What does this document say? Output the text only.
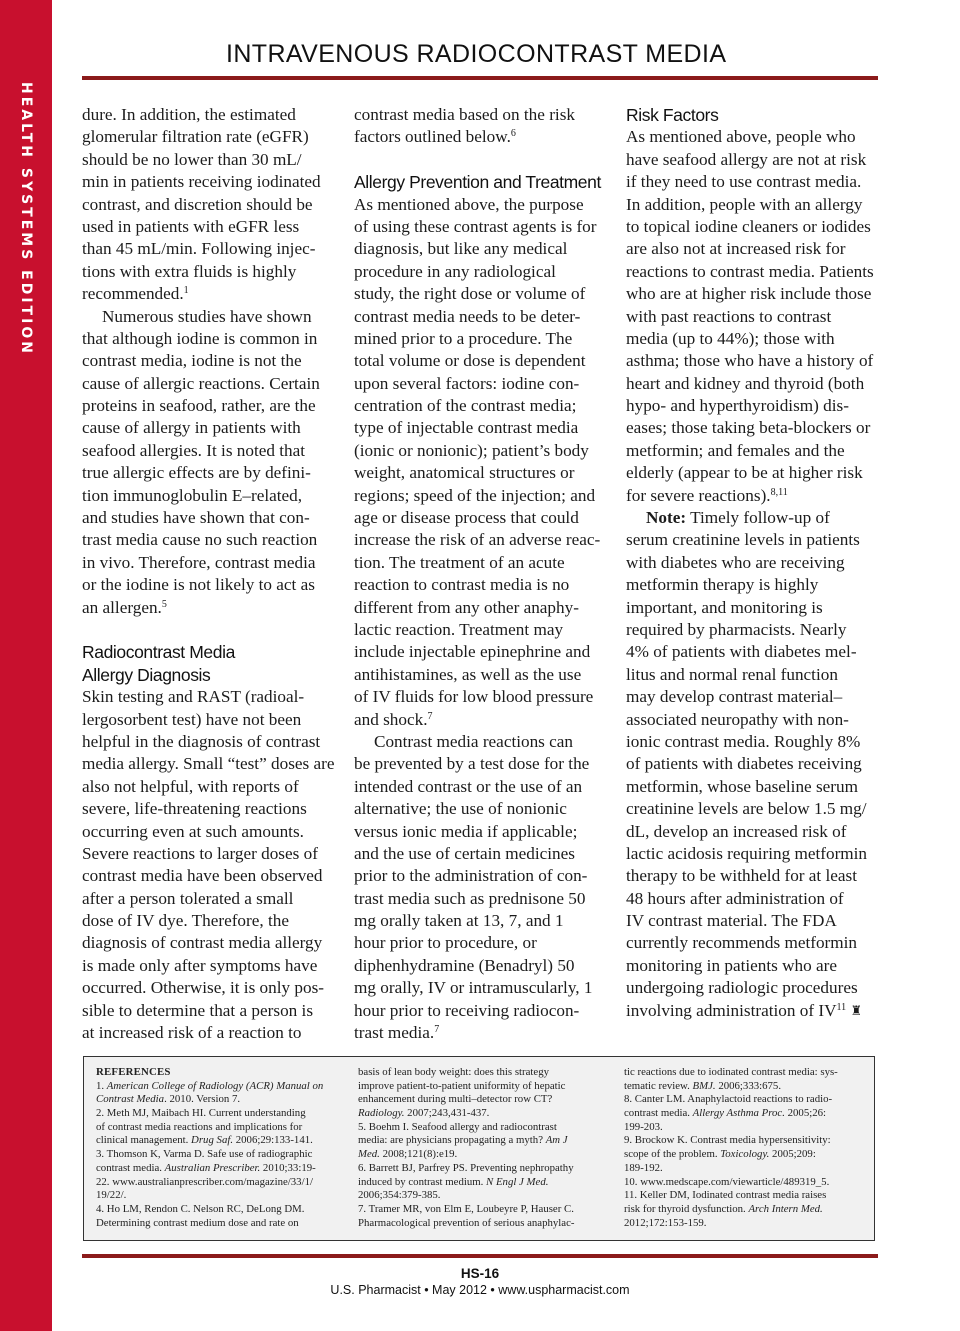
HEALTH SYSTEMS EDITION
INTRAVENOUS RADIOCONTRAST MEDIA
dure. In addition, the estimated
glomerular filtration rate (eGFR)
should be no lower than 30 mL/
min in patients receiving iodinated
contrast, and discretion should be
used in patients with eGFR less
than 45 mL/min. Following injec-
tions with extra fluids is highly
recommended.$^1$
Numerous studies have shown
that although iodine is common in
contrast media, iodine is not the
cause of allergic reactions. Certain
proteins in seafood, rather, are the
cause of allergy in patients with
seafood allergies. It is noted that
true allergic effects are by defini-
tion immunoglobulin E–related,
and studies have shown that con-
trast media cause no such reaction
in vivo. Therefore, contrast media
or the iodine is not likely to act as
an allergen.$^5$
Radiocontrast Media
Allergy Diagnosis
Skin testing and RAST (radioal-
lergosorbent test) have not been
helpful in the diagnosis of contrast
media allergy. Small “test” doses are
also not helpful, with reports of
severe, life-threatening reactions
occurring even at such amounts.
Severe reactions to larger doses of
contrast media have been observed
after a person tolerated a small
dose of IV dye. Therefore, the
diagnosis of contrast media allergy
is made only after symptoms have
occurred. Otherwise, it is only pos-
sible to determine that a person is
at increased risk of a reaction to
contrast media based on the risk
factors outlined below.$^6$
Allergy Prevention and Treatment
As mentioned above, the purpose
of using these contrast agents is for
diagnosis, but like any medical
procedure in any radiological
study, the right dose or volume of
contrast media needs to be deter-
mined prior to a procedure. The
total volume or dose is dependent
upon several factors: iodine con-
centration of the contrast media;
type of injectable contrast media
(ionic or nonionic); patient’s body
weight, anatomical structures or
regions; speed of the injection; and
age or disease process that could
increase the risk of an adverse reac-
tion. The treatment of an acute
reaction to contrast media is no
different from any other anaphy-
lactic reaction. Treatment may
include injectable epinephrine and
antihistamines, as well as the use
of IV fluids for low blood pressure
and shock.$^7$
Contrast media reactions can
be prevented by a test dose for the
intended contrast or the use of an
alternative; the use of nonionic
versus ionic media if applicable;
and the use of certain medicines
prior to the administration of con-
trast media such as prednisone 50
mg orally taken at 13, 7, and 1
hour prior to procedure, or
diphenhydramine (Benadryl) 50
mg orally, IV or intramuscularly, 1
hour prior to receiving radiocon-
trast media.$^7$
Risk Factors
As mentioned above, people who
have seafood allergy are not at risk
if they need to use contrast media.
In addition, people with an allergy
to topical iodine cleaners or iodides
are also not at increased risk for
reactions to contrast media. Patients
who are at higher risk include those
with past reactions to contrast
media (up to 44%); those with
asthma; those who have a history of
heart and kidney and thyroid (both
hypo- and hyperthyroidism) dis-
eases; those taking beta-blockers or
metformin; and females and the
elderly (appear to be at higher risk
for severe reactions).$^{8,11}$
Note: Timely follow-up of
serum creatinine levels in patients
with diabetes who are receiving
metformin therapy is highly
important, and monitoring is
required by pharmacists. Nearly
4% of patients with diabetes mel-
litus and normal renal function
may develop contrast material–
associated neuropathy with non-
ionic contrast media. Roughly 8%
of patients with diabetes receiving
metformin, whose baseline serum
creatinine levels are below 1.5 mg/
dL, develop an increased risk of
lactic acidosis requiring metformin
therapy to be withheld for at least
48 hours after administration of
IV contrast material. The FDA
currently recommends metformin
monitoring in patients who are
undergoing radiologic procedures
involving administration of IV$^{11}$ ♜
REFERENCES
1. American College of Radiology (ACR) Manual on
Contrast Media. 2010. Version 7.
2. Meth MJ, Maibach HI. Current understanding
of contrast media reactions and implications for
clinical management. Drug Saf. 2006;29:133-141.
3. Thomson K, Varma D. Safe use of radiographic
contrast media. Australian Prescriber. 2010;33:19-
22. www.australianprescriber.com/magazine/33/1/
19/22/.
4. Ho LM, Rendon C. Nelson RC, DeLong DM.
Determining contrast medium dose and rate on
basis of lean body weight: does this strategy
improve patient-to-patient uniformity of hepatic
enhancement during multi–detector row CT?
Radiology. 2007;243,431-437.
5. Boehm I. Seafood allergy and radiocontrast
media: are physicians propagating a myth? Am J
Med. 2008;121(8):e19.
6. Barrett BJ, Parfrey PS. Preventing nephropathy
induced by contrast medium. N Engl J Med.
2006;354:379-385.
7. Tramer MR, von Elm E, Loubeyre P, Hauser C.
Pharmacological prevention of serious anaphylac-
tic reactions due to iodinated contrast media: sys-
tematic review. BMJ. 2006;333:675.
8. Canter LM. Anaphylactoid reactions to radio-
contrast media. Allergy Asthma Proc. 2005;26:
199-203.
9. Brockow K. Contrast media hypersensitivity:
scope of the problem. Toxicology. 2005;209:
189-192.
10. www.medscape.com/viewarticle/489319_5.
11. Keller DM, Iodinated contrast media raises
risk for thyroid dysfunction. Arch Intern Med.
2012;172:153-159.
HS-16
U.S. Pharmacist • May 2012 • www.uspharmacist.com
